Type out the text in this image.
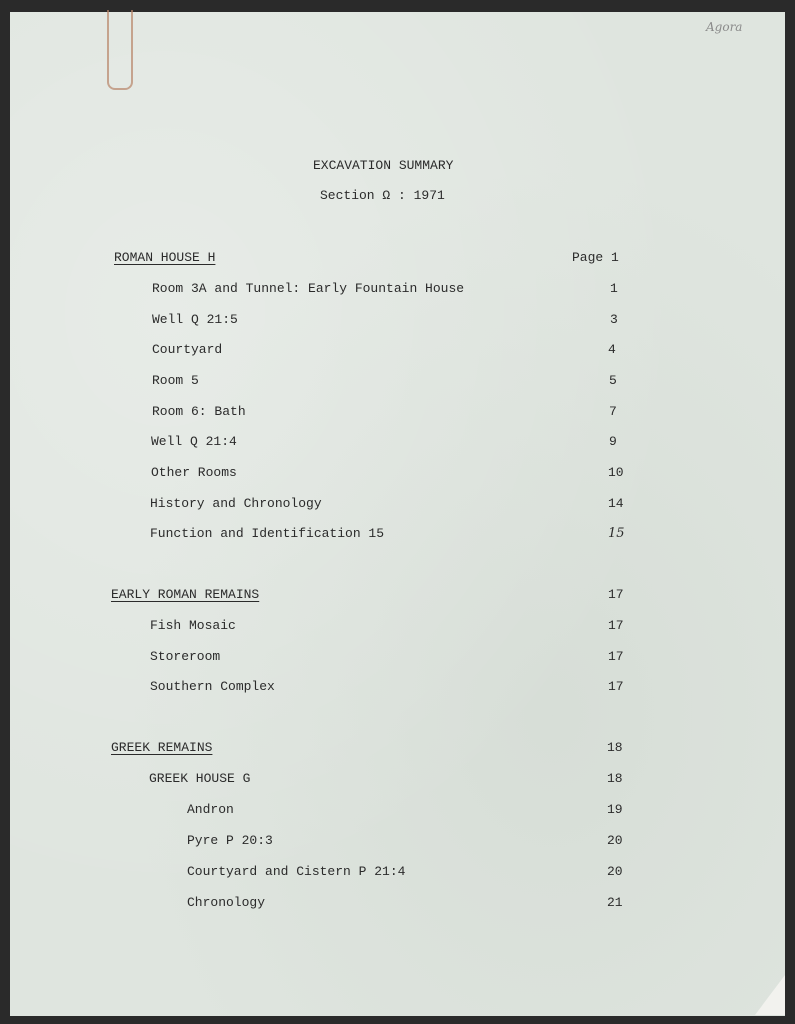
Agora
EXCAVATION SUMMARY
Section Ω : 1971
ROMAN HOUSE H	Page 1
Room 3A and Tunnel: Early Fountain House	1
Well Q 21:5	3
Courtyard	4
Room 5	5
Room 6: Bath	7
Well Q 21:4	9
Other Rooms	10
History and Chronology	14
Function and Identification 15	15
EARLY ROMAN REMAINS	17
Fish Mosaic	17
Storeroom	17
Southern Complex	17
GREEK REMAINS	18
GREEK HOUSE G	18
Andron	19
Pyre P 20:3	20
Courtyard and Cistern P 21:4	20
Chronology	21
